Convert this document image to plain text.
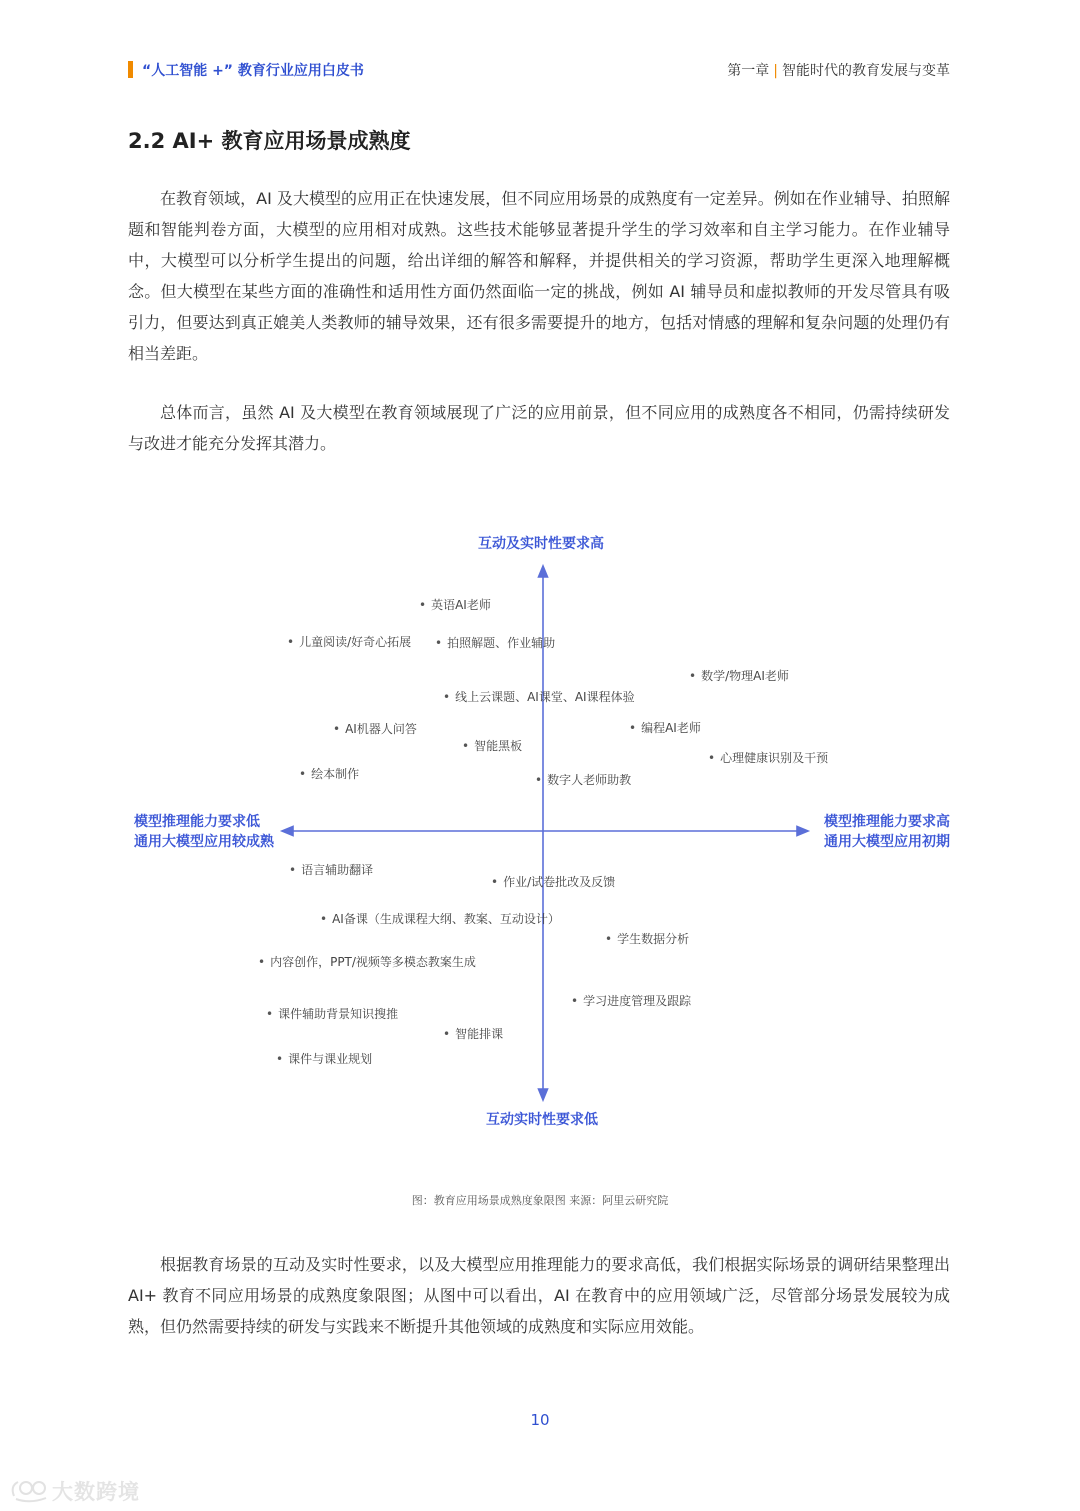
“人工智能 +” 教育行业应用白皮书	第一章 | 智能时代的教育发展与变革
2.2 AI+ 教育应用场景成熟度

在教育领域，AI 及大模型的应用正在快速发展，但不同应用场景的成熟度有一定差异。例如在作业辅导、拍照解题和智能判卷方面，大模型的应用相对成熟。这些技术能够显著提升学生的学习效率和自主学习能力。在作业辅导中，大模型可以分析学生提出的问题，给出详细的解答和解释，并提供相关的学习资源，帮助学生更深入地理解概念。但大模型在某些方面的准确性和适用性方面仍然面临一定的挑战，例如 AI 辅导员和虚拟教师的开发尽管具有吸引力，但要达到真正媲美人类教师的辅导效果，还有很多需要提升的地方，包括对情感的理解和复杂问题的处理仍有相当差距。

总体而言，虽然 AI 及大模型在教育领域展现了广泛的应用前景，但不同应用的成熟度各不相同，仍需持续研发与改进才能充分发挥其潜力。

互动及实时性要求高
互动实时性要求低
模型推理能力要求低
通用大模型应用较成熟
模型推理能力要求高
通用大模型应用初期
• 英语AI老师
• 儿童阅读/好奇心拓展	• 拍照解题、作业辅助
• 数学/物理AI老师
• 线上云课题、AI课堂、AI课程体验
• AI机器人问答	• 编程AI老师
• 智能黑板
• 心理健康识别及干预
• 绘本制作	• 数字人老师助教
• 语言辅助翻译
• 作业/试卷批改及反馈
• AI备课（生成课程大纲、教案、互动设计）
• 学生数据分析
• 内容创作，PPT/视频等多模态教案生成
• 学习进度管理及跟踪
• 课件辅助背景知识搜推
• 智能排课
• 课件与课业规划
图：教育应用场景成熟度象限图 来源：阿里云研究院

根据教育场景的互动及实时性要求，以及大模型应用推理能力的要求高低，我们根据实际场景的调研结果整理出 AI+ 教育不同应用场景的成熟度象限图；从图中可以看出，AI 在教育中的应用领域广泛，尽管部分场景发展较为成熟，但仍然需要持续的研发与实践来不断提升其他领域的成熟度和实际应用效能。

10
大数跨境
